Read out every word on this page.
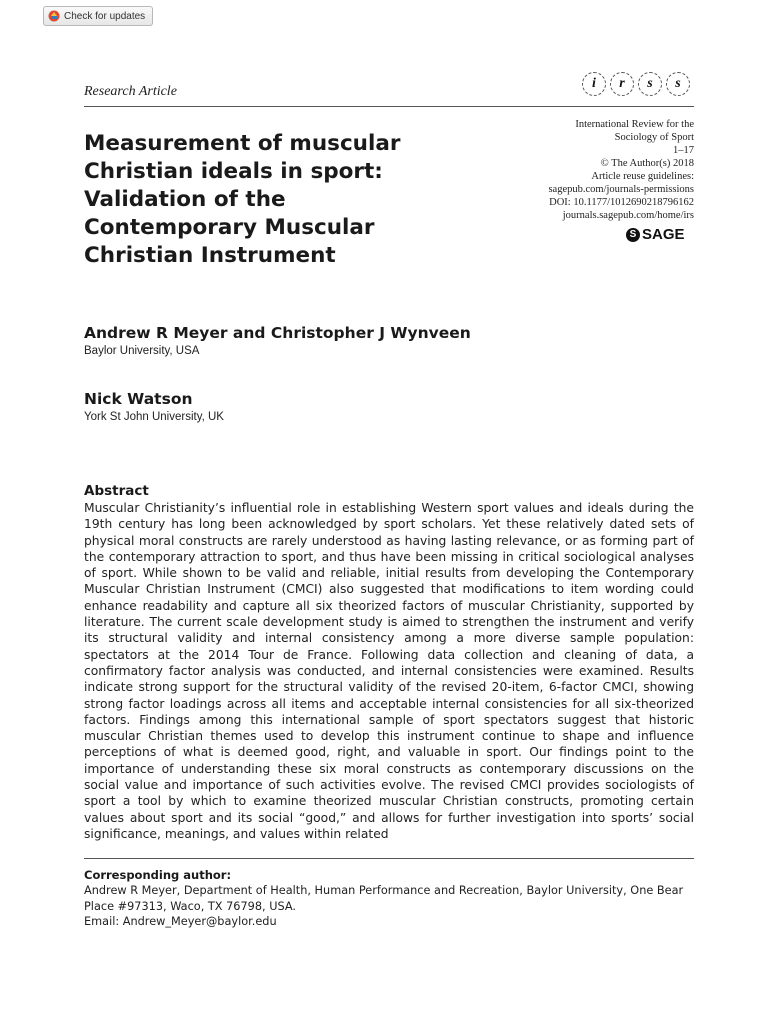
Check for updates
Research Article
i	r	s	s
International Review for the
Sociology of Sport
1–17
© The Author(s) 2018
Article reuse guidelines:
sagepub.com/journals-permissions
DOI: 10.1177/1012690218796162
journals.sagepub.com/home/irs
S SAGE
Measurement of muscular Christian ideals in sport: Validation of the Contemporary Muscular Christian Instrument
Andrew R Meyer and Christopher J Wynveen
Baylor University, USA
Nick Watson
York St John University, UK
Abstract

Muscular Christianity’s influential role in establishing Western sport values and ideals during the 19th century has long been acknowledged by sport scholars. Yet these relatively dated sets of physical moral constructs are rarely understood as having lasting relevance, or as forming part of the contemporary attraction to sport, and thus have been missing in critical sociological analyses of sport. While shown to be valid and reliable, initial results from developing the Contemporary Muscular Christian Instrument (CMCI) also suggested that modifications to item wording could enhance readability and capture all six theorized factors of muscular Christianity, supported by literature. The current scale development study is aimed to strengthen the instrument and verify its structural validity and internal consistency among a more diverse sample population: spectators at the 2014 Tour de France. Following data collection and cleaning of data, a confirmatory factor analysis was conducted, and internal consistencies were examined. Results indicate strong support for the structural validity of the revised 20-item, 6-factor CMCI, showing strong factor loadings across all items and acceptable internal consistencies for all six-theorized factors. Findings among this international sample of sport spectators suggest that historic muscular Christian themes used to develop this instrument continue to shape and influence perceptions of what is deemed good, right, and valuable in sport. Our findings point to the importance of understanding these six moral constructs as contemporary discussions on the social value and importance of such activities evolve. The revised CMCI provides sociologists of sport a tool by which to examine theorized muscular Christian constructs, promoting certain values about sport and its social “good,” and allows for further investigation into sports’ social significance, meanings, and values within related

Corresponding author:
Andrew R Meyer, Department of Health, Human Performance and Recreation, Baylor University, One Bear
Place #97313, Waco, TX 76798, USA.
Email: Andrew_Meyer@baylor.edu
